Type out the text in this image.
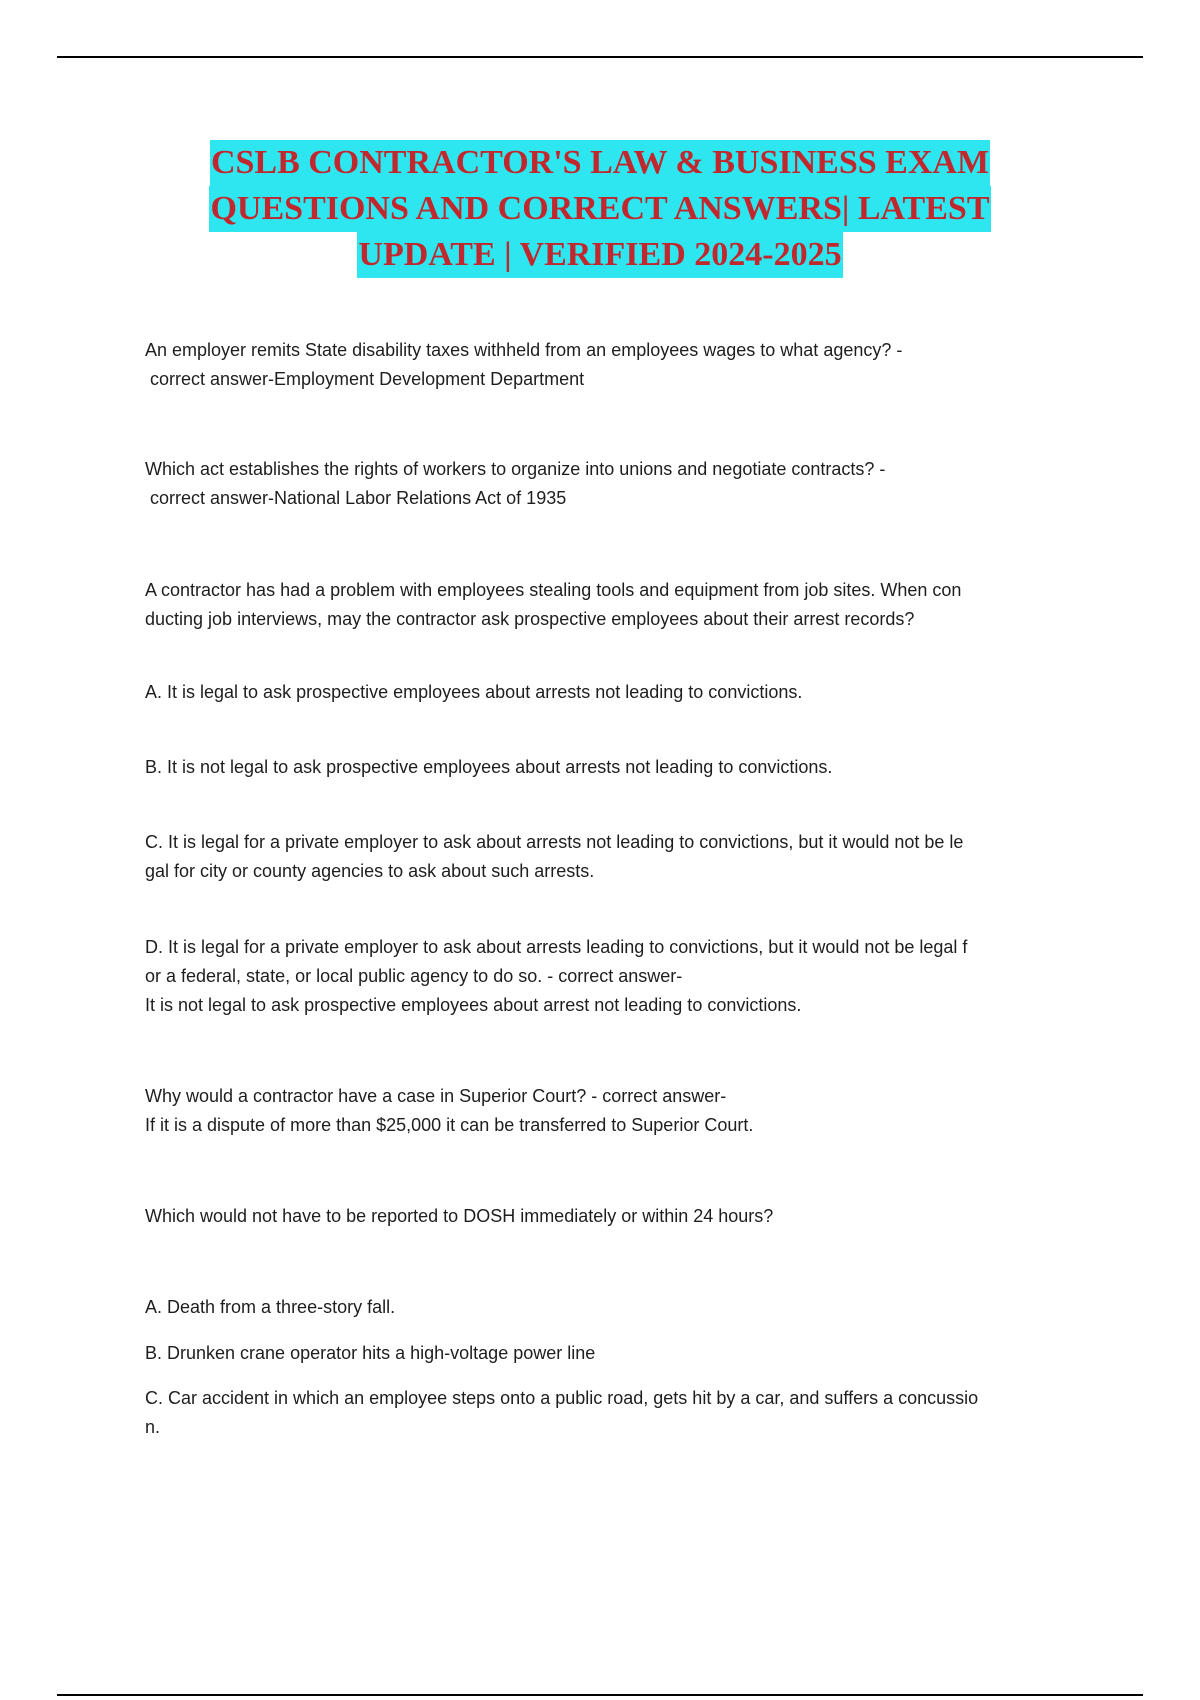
CSLB CONTRACTOR'S LAW & BUSINESS EXAM
QUESTIONS AND CORRECT ANSWERS| LATEST
UPDATE | VERIFIED 2024-2025
An employer remits State disability taxes withheld from an employees wages to what agency? -
correct answer-Employment Development Department
Which act establishes the rights of workers to organize into unions and negotiate contracts? -
correct answer-National Labor Relations Act of 1935
A contractor has had a problem with employees stealing tools and equipment from job sites. When con
ducting job interviews, may the contractor ask prospective employees about their arrest records?
A. It is legal to ask prospective employees about arrests not leading to convictions.
B. It is not legal to ask prospective employees about arrests not leading to convictions.
C. It is legal for a private employer to ask about arrests not leading to convictions, but it would not be le
gal for city or county agencies to ask about such arrests.
D. It is legal for a private employer to ask about arrests leading to convictions, but it would not be legal f
or a federal, state, or local public agency to do so. - correct answer-
It is not legal to ask prospective employees about arrest not leading to convictions.
Why would a contractor have a case in Superior Court? - correct answer-
If it is a dispute of more than $25,000 it can be transferred to Superior Court.
Which would not have to be reported to DOSH immediately or within 24 hours?
A. Death from a three-story fall.
B. Drunken crane operator hits a high-voltage power line
C. Car accident in which an employee steps onto a public road, gets hit by a car, and suffers a concussio
n.
